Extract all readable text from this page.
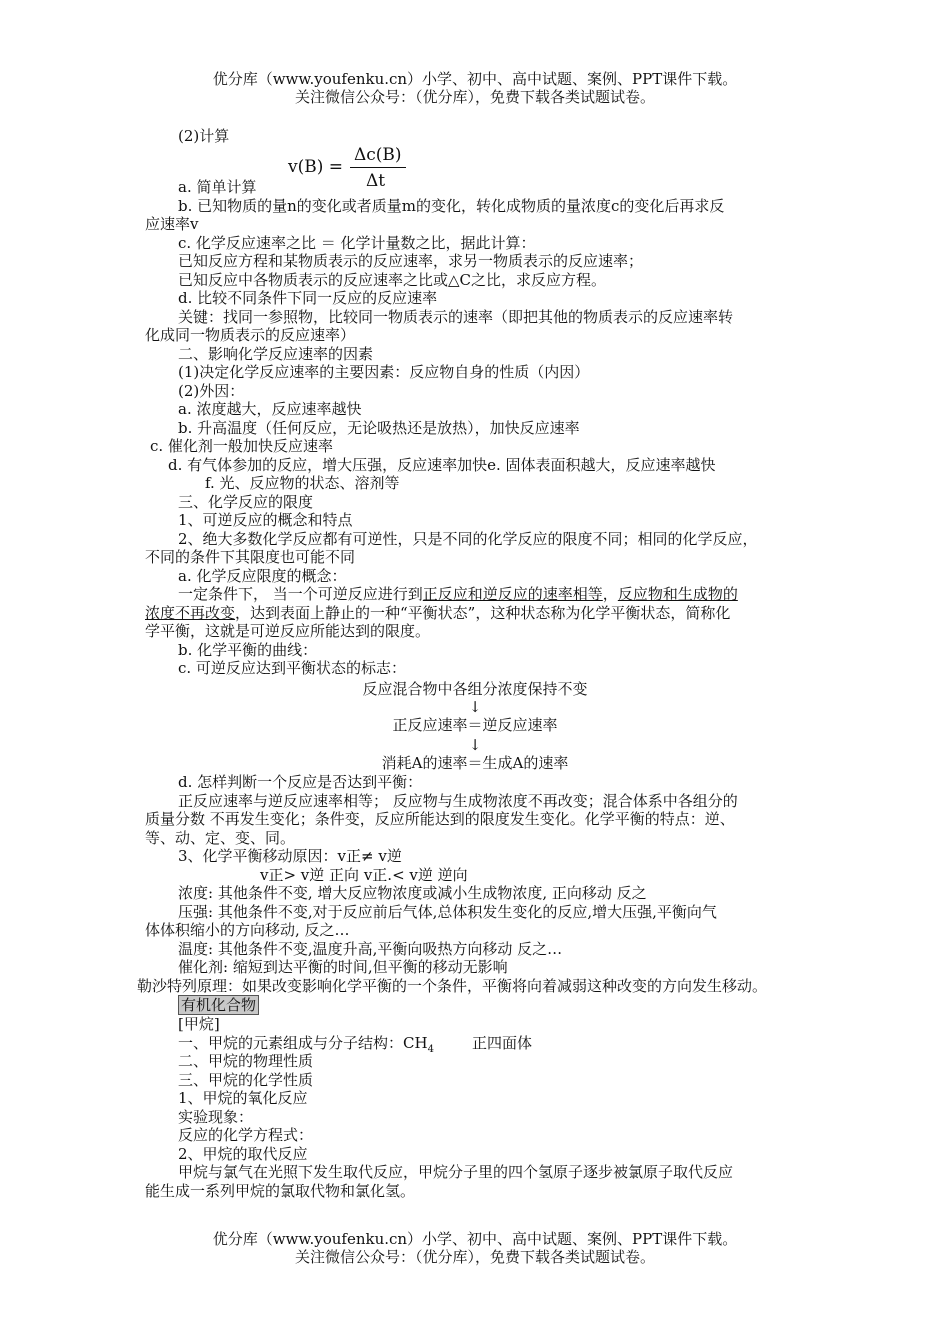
优分库（www.youfenku.cn）小学、初中、高中试题、案例、PPT课件下载。
关注微信公众号：（优分库），免费下载各类试题试卷。
(2)计算
v(B) =
Δc(B)
Δt
a. 简单计算
b. 已知物质的量n的变化或者质量m的变化，转化成物质的量浓度c的变化后再求反
应速率v
c. 化学反应速率之比 ＝ 化学计量数之比，据此计算：
已知反应方程和某物质表示的反应速率，求另一物质表示的反应速率；
已知反应中各物质表示的反应速率之比或△C之比，求反应方程。
d. 比较不同条件下同一反应的反应速率
关键：找同一参照物，比较同一物质表示的速率（即把其他的物质表示的反应速率转
化成同一物质表示的反应速率）
二、影响化学反应速率的因素
(1)决定化学反应速率的主要因素：反应物自身的性质（内因）
(2)外因：
a. 浓度越大，反应速率越快
b. 升高温度（任何反应，无论吸热还是放热），加快反应速率
c. 催化剂一般加快反应速率
d. 有气体参加的反应，增大压强，反应速率加快e. 固体表面积越大，反应速率越快
f. 光、反应物的状态、溶剂等
三、化学反应的限度
1、可逆反应的概念和特点
2、绝大多数化学反应都有可逆性，只是不同的化学反应的限度不同；相同的化学反应，
不同的条件下其限度也可能不同
a. 化学反应限度的概念：
一定条件下， 当一个可逆反应进行到正反应和逆反应的速率相等，反应物和生成物的
浓度不再改变，达到表面上静止的一种“平衡状态”，这种状态称为化学平衡状态，简称化
学平衡，这就是可逆反应所能达到的限度。
b. 化学平衡的曲线：
c. 可逆反应达到平衡状态的标志：
反应混合物中各组分浓度保持不变
↓
正反应速率＝逆反应速率
↓
消耗A的速率＝生成A的速率
d. 怎样判断一个反应是否达到平衡：
正反应速率与逆反应速率相等； 反应物与生成物浓度不再改变；混合体系中各组分的
质量分数 不再发生变化；条件变，反应所能达到的限度发生变化。化学平衡的特点：逆、
等、动、定、变、同。
3、化学平衡移动原因：v正≠ v逆
v正> v逆 正向 v正.< v逆 逆向
浓度: 其他条件不变, 增大反应物浓度或减小生成物浓度, 正向移动 反之
压强: 其他条件不变,对于反应前后气体,总体积发生变化的反应,增大压强,平衡向气
体体积缩小的方向移动, 反之…
温度: 其他条件不变,温度升高,平衡向吸热方向移动 反之…
催化剂: 缩短到达平衡的时间,但平衡的移动无影响
勒沙特列原理：如果改变影响化学平衡的一个条件，平衡将向着减弱这种改变的方向发生移动。
有机化合物
[甲烷]
一、甲烷的元素组成与分子结构：$CH_4$	正四面体
二、甲烷的物理性质
三、甲烷的化学性质
1、甲烷的氧化反应
实验现象：
反应的化学方程式：
2、甲烷的取代反应
甲烷与氯气在光照下发生取代反应，甲烷分子里的四个氢原子逐步被氯原子取代反应
能生成一系列甲烷的氯取代物和氯化氢。
优分库（www.youfenku.cn）小学、初中、高中试题、案例、PPT课件下载。
关注微信公众号：（优分库），免费下载各类试题试卷。
